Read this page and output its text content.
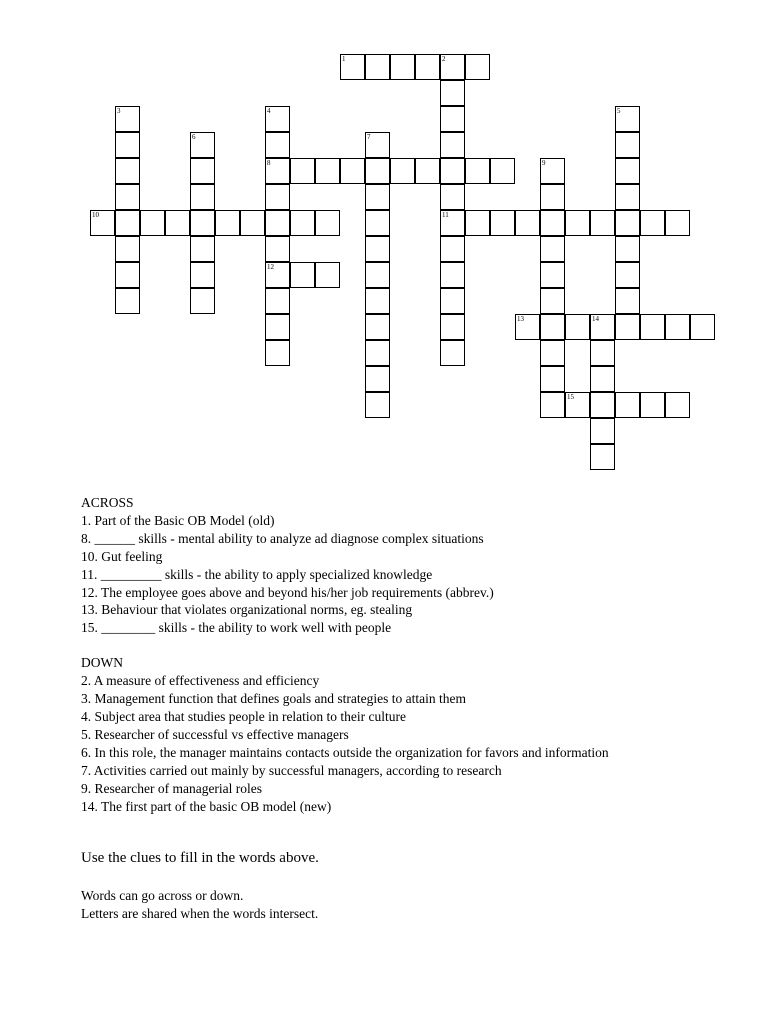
1	2
11
3	4
8
12
5
6	7
9
10
13	14
15

ACROSS

1. Part of the Basic OB Model (old)

8. ______ skills - mental ability to analyze ad diagnose complex situations

10. Gut feeling

11. _________ skills - the ability to apply specialized knowledge

12. The employee goes above and beyond his/her job requirements (abbrev.)

13. Behaviour that violates organizational norms, eg. stealing

15. ________ skills - the ability to work well with people

DOWN

2. A measure of effectiveness and efficiency

3. Management function that defines goals and strategies to attain them

4. Subject area that studies people in relation to their culture

5. Researcher of successful vs effective managers

6. In this role, the manager maintains contacts outside the organization for favors and information

7. Activities carried out mainly by successful managers, according to research

9. Researcher of managerial roles

14. The first part of the basic OB model (new)

Use the clues to fill in the words above.

Words can go across or down.
Letters are shared when the words intersect.
